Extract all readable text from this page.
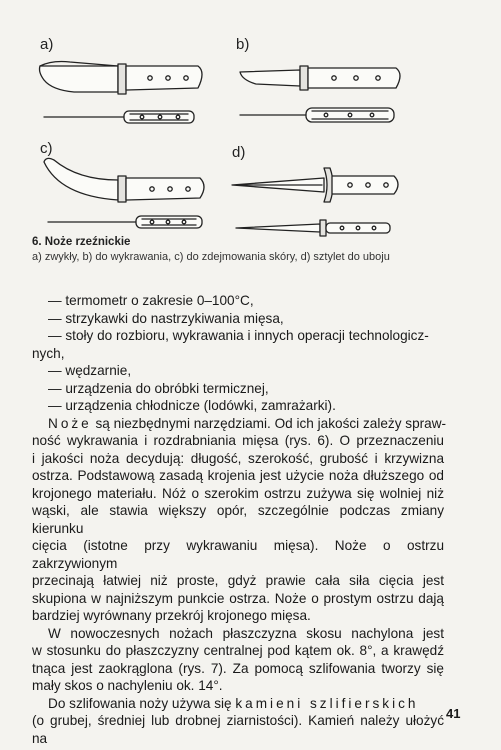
a)	b)
c)	d)
6. Noże rzeźnickie
a) zwykły, b) do wykrawania, c) do zdejmowania skóry, d) sztylet do uboju
— termometr o zakresie 0–100°C,
— strzykawki do nastrzykiwania mięsa,
— stoły do rozbioru, wykrawania i innych operacji technologicz-
nych,
— wędzarnie,
— urządzenia do obróbki termicznej,
— urządzenia chłodnicze (lodówki, zamrażarki).
Noże są niezbędnymi narzędziami. Od ich jakości zależy spraw-
ność wykrawania i rozdrabniania mięsa (rys. 6). O przeznaczeniu
i jakości noża decydują: długość, szerokość, grubość i krzywizna
ostrza. Podstawową zasadą krojenia jest użycie noża dłuższego od
krojonego materiału. Nóż o szerokim ostrzu zużywa się wolniej niż
wąski, ale stawia większy opór, szczególnie podczas zmiany kierunku
cięcia (istotne przy wykrawaniu mięsa). Noże o ostrzu zakrzywionym
przecinają łatwiej niż proste, gdyż prawie cała siła cięcia jest
skupiona w najniższym punkcie ostrza. Noże o prostym ostrzu dają
bardziej wyrównany przekrój krojonego mięsa.
W nowoczesnych nożach płaszczyzna skosu nachylona jest
w stosunku do płaszczyzny centralnej pod kątem ok. 8°, a krawędź
tnąca jest zaokrąglona (rys. 7). Za pomocą szlifowania tworzy się
mały skos o nachyleniu ok. 14°.
Do szlifowania noży używa się kamieni szlifierskich
(o grubej, średniej lub drobnej ziarnistości). Kamień należy ułożyć na
41
